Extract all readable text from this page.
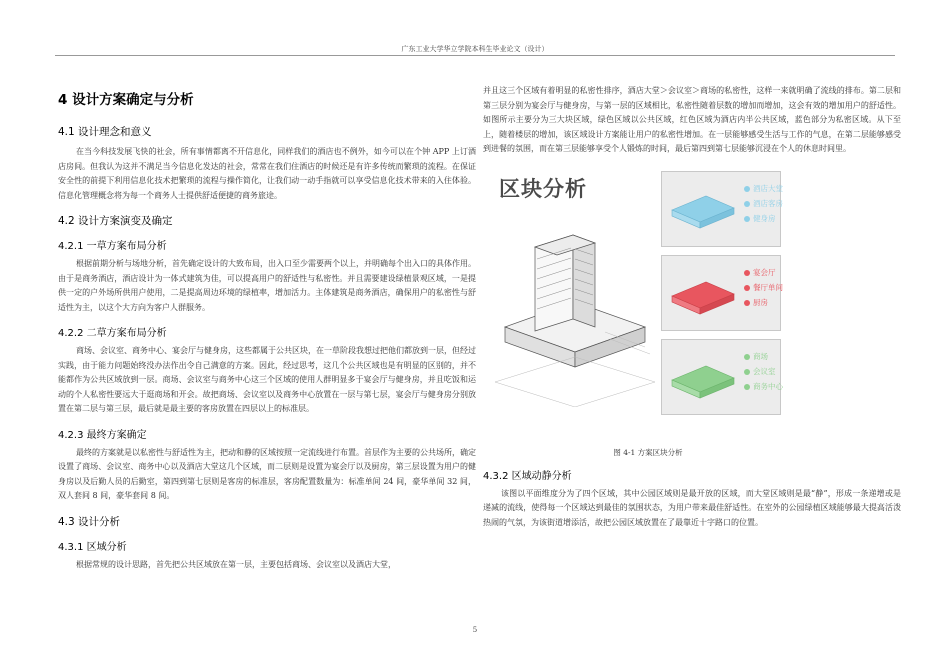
广东工业大学华立学院本科生毕业论文（设计）
4 设计方案确定与分析
4.1 设计理念和意义

在当今科技发展飞快的社会，所有事情都离不开信息化，同样我们的酒店也不例外，如今可以在个钟 APP 上订酒店房间。但我认为这并不满足当今信息化发达的社会，常常在我们住酒店的时候还是有许多传统而繁琐的流程。在保证安全性的前提下利用信息化技术把繁琐的流程与操作简化，让我们动一动手指就可以享受信息化技术带来的入住体验。信息化管理概念将为每一个商务人士提供舒适便捷的商务旅途。

4.2 设计方案演变及确定
4.2.1 一草方案布局分析

根据前期分析与场地分析，首先确定设计的大致布局，出入口至少需要两个以上，并明确每个出入口的具体作用。由于是商务酒店，酒店设计为一体式建筑为佳，可以提高用户的舒适性与私密性。并且需要建设绿植景观区域，一是提供一定的户外场所供用户使用，二是提高周边环境的绿植率，增加活力。主体建筑是商务酒店，确保用户的私密性与舒适性为主，以这个大方向为客户人群服务。

4.2.2 二草方案布局分析

商场、会议室、商务中心、宴会厅与健身房，这些都属于公共区块，在一草阶段我想过把他们都放到一层，但经过实践，由于能力问题始终没办法作出令自己满意的方案。因此，经过思考，这几个公共区域也是有明显的区别的，并不能都作为公共区域放到一层。商场、会议室与商务中心这三个区域的使用人群明显多于宴会厅与健身房，并且吃饭和运动的个人私密性要远大于逛商场和开会。故把商场、会议室以及商务中心放置在一层与第七层，宴会厅与健身房分别放置在第二层与第三层，最后就是最主要的客房放置在四层以上的标准层。

4.2.3 最终方案确定

最终的方案就是以私密性与舒适性为主，把动和静的区域按照一定流线进行布置。首层作为主要的公共场所，确定设置了商场、会议室、商务中心以及酒店大堂这几个区域，而二层则是设置为宴会厅以及厨房，第三层设置为用户的健身房以及后勤人员的后勤室，第四到第七层则是客房的标准层，客房配置数量为：标准单间 24 间，豪华单间 32 间，双人套间 8 间，豪华套间 8 间。

4.3 设计分析
4.3.1 区域分析

根据常规的设计思路，首先把公共区域放在第一层，主要包括商场、会议室以及酒店大堂，

并且这三个区域有着明显的私密性排序，酒店大堂＞会议室＞商场的私密性，这样一来就明确了流线的排布。第二层和第三层分别为宴会厅与健身房，与第一层的区域相比，私密性随着层数的增加而增加，这会有效的增加用户的舒适性。如图所示主要分为三大块区域，绿色区域以公共区域，红色区域为酒店内半公共区域，蓝色部分为私密区域。从下至上，随着楼层的增加，该区域设计方案能让用户的私密性增加。在一层能够感受生活与工作的气息，在第二层能够感受到进餐的氛围，而在第三层能够享受个人锻炼的时间，最后第四到第七层能够沉浸在个人的休息时间里。

区块分析	酒店大堂
酒店客房
健身房
宴会厅
餐厅单间
厨房
商场
会议室
商务中心
图 4-1 方案区块分析
4.3.2 区域动静分析

该图以平面维度分为了四个区域，其中公园区域则是最开放的区域，而大堂区域则是最“静”，形成一条递增或是递减的流线，使得每一个区域达到最佳的氛围状态，为用户带来最佳舒适性。在室外的公园绿植区域能够最大提高活泼热闹的气氛，为该街道增添活，故把公园区域放置在了最靠近十字路口的位置。

5
